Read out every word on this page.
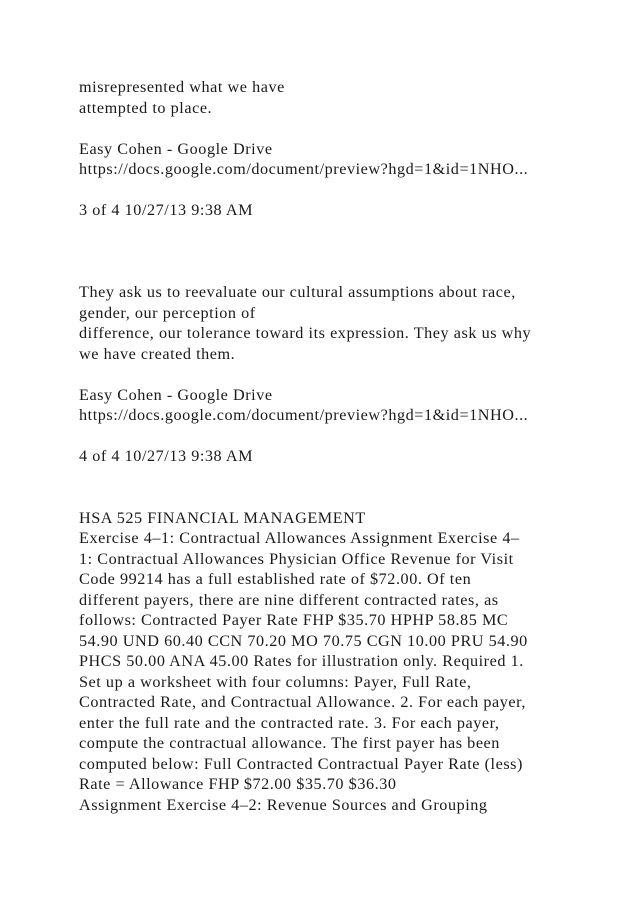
misrepresented what we have
attempted to place.
Easy Cohen - Google Drive
https://docs.google.com/document/preview?hgd=1&id=1NHO...
3 of 4 10/27/13 9:38 AM
They ask us to reevaluate our cultural assumptions about race,
gender, our perception of
difference, our tolerance toward its expression. They ask us why
we have created them.
Easy Cohen - Google Drive
https://docs.google.com/document/preview?hgd=1&id=1NHO...
4 of 4 10/27/13 9:38 AM
HSA 525 FINANCIAL MANAGEMENT
Exercise 4–1: Contractual Allowances Assignment Exercise 4–
1: Contractual Allowances Physician Office Revenue for Visit
Code 99214 has a full established rate of $72.00. Of ten
different payers, there are nine different contracted rates, as
follows: Contracted Payer Rate FHP $35.70 HPHP 58.85 MC
54.90 UND 60.40 CCN 70.20 MO 70.75 CGN 10.00 PRU 54.90
PHCS 50.00 ANA 45.00 Rates for illustration only. Required 1.
Set up a worksheet with four columns: Payer, Full Rate,
Contracted Rate, and Contractual Allowance. 2. For each payer,
enter the full rate and the contracted rate. 3. For each payer,
compute the contractual allowance. The first payer has been
computed below: Full Contracted Contractual Payer Rate (less)
Rate = Allowance FHP $72.00 $35.70 $36.30
Assignment Exercise 4–2: Revenue Sources and Grouping
